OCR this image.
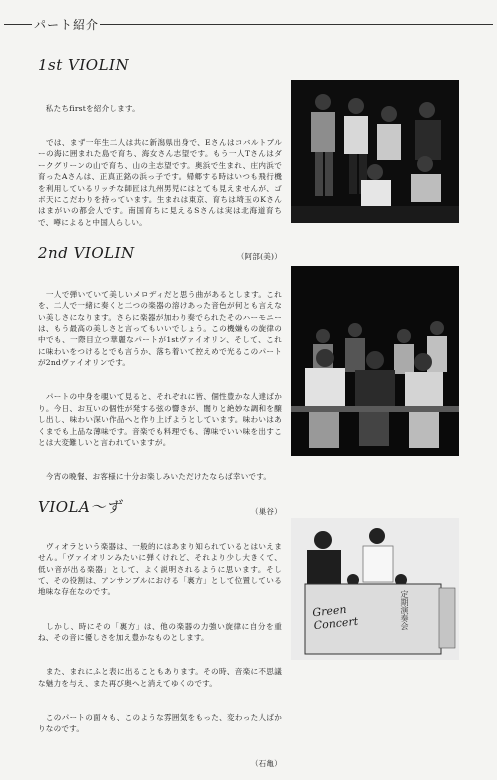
パート紹介
1st VIOLIN

　私たちfirstを紹介します。

　では、まず一年生二人は共に新潟県出身で、Eさんはコバルトブルーの海に囲まれた島で育ち、海女さん志望です。もう一人Tさんはダークグリーンの山で育ち、山の主志望です。奥浜で生まれ、庄内浜で育ったAさんは、正真正銘の浜っ子です。帰郷する時はいつも飛行機を利用しているリッチな師匠は九州男児にはとても見えませんが、ゴボ天にこだわりを持っています。生まれは東京、育ちは埼玉のKさんはまがいの都会人です。南国育ちに見えるSさんは実は北海道育ちで、噂によると中国人らしい。

（阿部(美)）

2nd VIOLIN

　一人で弾いていて美しいメロディだと思う曲があるとします。これを、二人で一緒に奏くと二つの楽器の溶けあった音色が何とも言えない美しさになります。さらに楽器が加わり奏でられたそのハーモニーは、もう最高の美しさと言ってもいいでしょう。この機嫌もの旋律の中でも、一際目立つ華麗なパートが1stヴァイオリン、そして、これに味わいをつけるとでも言うか、落ち着いて控えめで光るこのパートが2ndヴァイオリンです。

　パートの中身を覗いて見ると、それぞれに皆、個性豊かな人達ばかり。今日、お互いの個性が発する弦の響きが、闇りと絶妙な調和を醸し出し、味わい深い作品へと作り上げようとしています。味わいはあくまでも上品な薄味です。音楽でも料理でも、薄味でいい味を出すことは大変難しいと言われていますが。

　今宵の晩餐、お客様に十分お楽しみいただけたならば幸いです。

（巣谷）

VIOLA〜ず

　ヴィオラという楽器は、一般的にはあまり知られているとはいえません。「ヴァイオリンみたいに弾くけれど、それより少し大きくて、低い音が出る楽器」として、よく説明されるように思います。そして、その役割は、アンサンブルにおける「裏方」として位置している地味な存在なのです。

　しかし、時にその「裏方」は、他の楽器の力強い旋律に自分を重ね、その音に優しさを加え豊かなものとします。

　また、まれにふと表に出ることもあります。その時、音楽に不思議な魅力を与え、また再び奥へと消えてゆくのです。

　このパートの面々も、このような雰囲気をもった、変わった人ばかりなのです。

（石亀）

Green
Concert	定期演奏会
